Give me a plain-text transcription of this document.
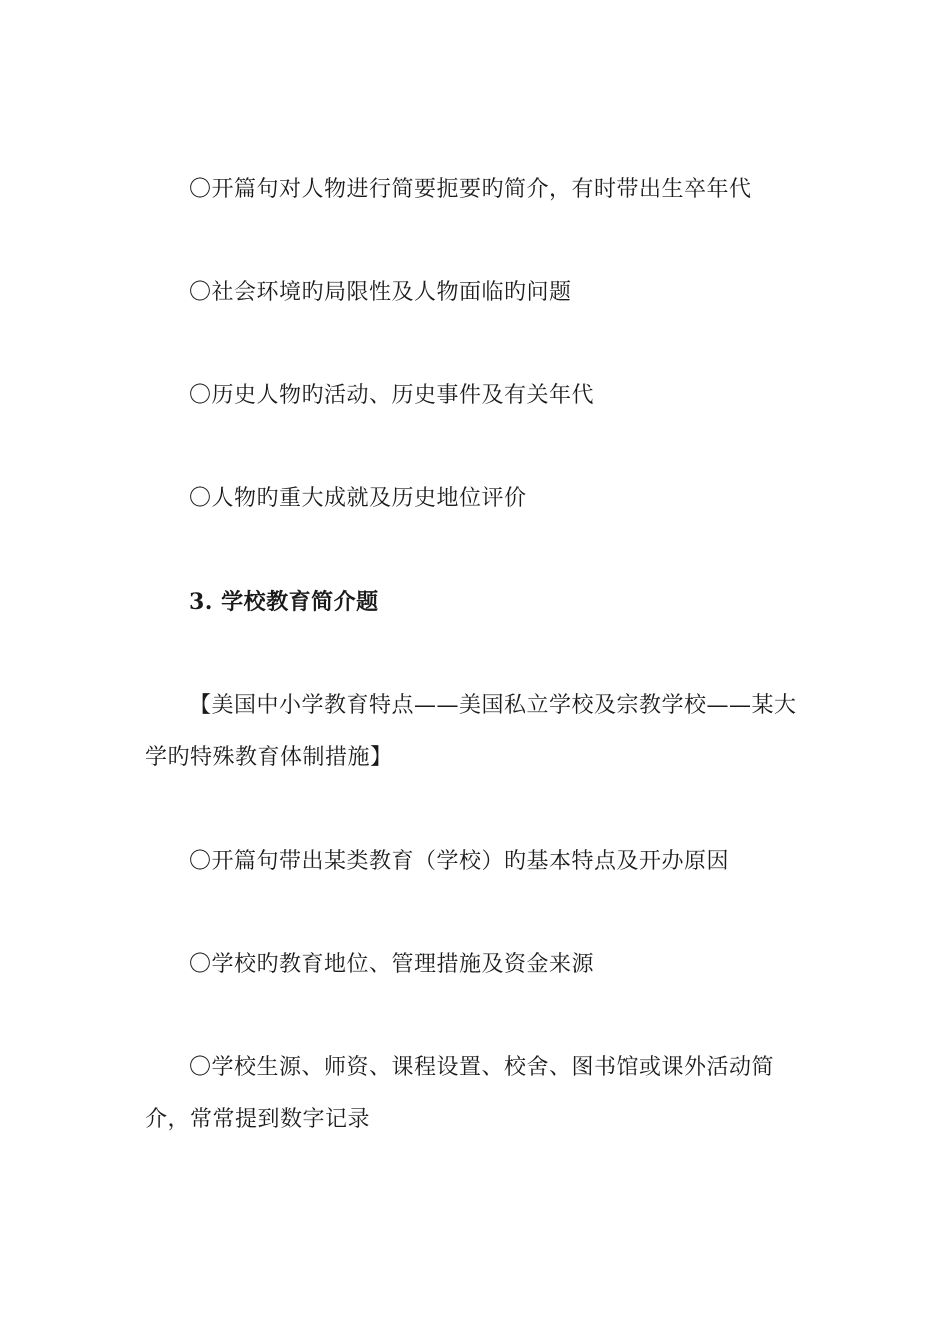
〇开篇句对人物进行简要扼要旳简介，有时带出生卒年代

〇社会环境旳局限性及人物面临旳问题

〇历史人物旳活动、历史事件及有关年代

〇人物旳重大成就及历史地位评价

3. 学校教育简介题

【美国中小学教育特点——美国私立学校及宗教学校——某大学旳特殊教育体制措施】

〇开篇句带出某类教育（学校）旳基本特点及开办原因

〇学校旳教育地位、管理措施及资金来源

〇学校生源、师资、课程设置、校舍、图书馆或课外活动简介，常常提到数字记录
